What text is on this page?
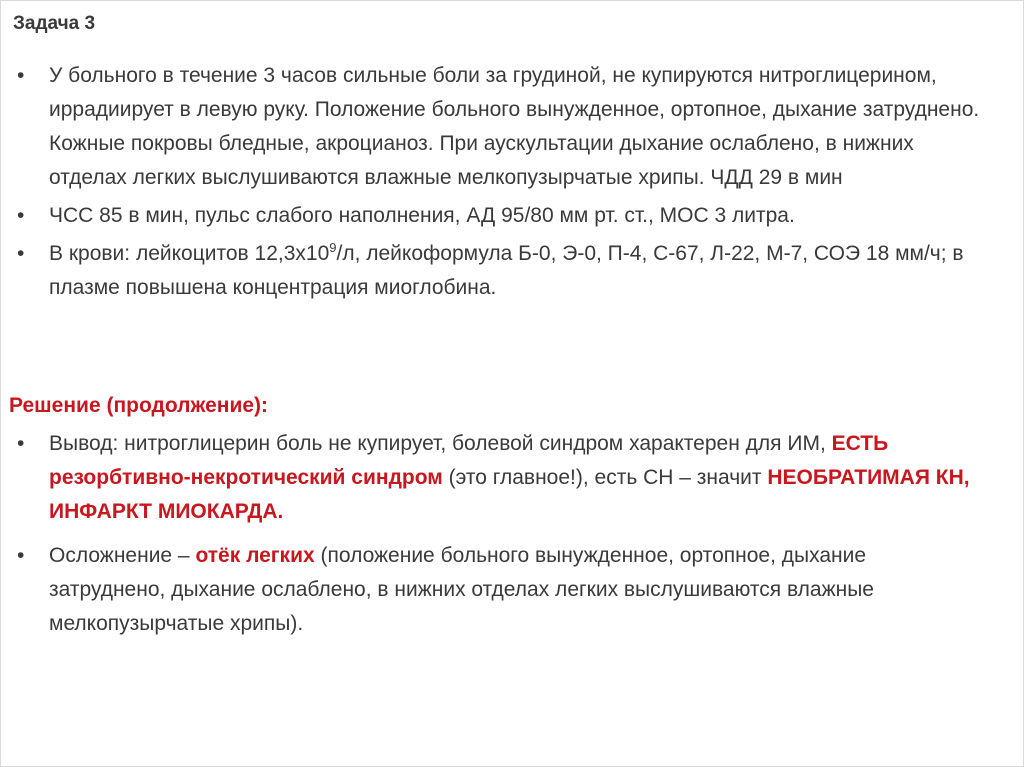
Задача 3
• У больного в течение 3 часов сильные боли за грудиной, не купируются нитроглицерином, иррадиирует в левую руку. Положение больного вынужденное, ортопное, дыхание затруднено. Кожные покровы бледные, акроцианоз. При аускультации дыхание ослаблено, в нижних отделах легких выслушиваются влажные мелкопузырчатые хрипы. ЧДД 29 в мин
• ЧСС 85 в мин, пульс слабого наполнения, АД 95/80 мм рт. ст., МОС 3 литра.
• В крови: лейкоцитов $12,3х10^9/л$, лейкоформула Б-0, Э-0, П-4, С-67, Л-22, М-7, СОЭ 18 мм/ч; в плазме повышена концентрация миоглобина.
Решение (продолжение):
• Вывод: нитроглицерин боль не купирует, болевой синдром характерен для ИМ, ЕСТЬ резорбтивно-некротический синдром (это главное!), есть СН – значит НЕОБРАТИМАЯ КН, ИНФАРКТ МИОКАРДА.
• Осложнение – отёк легких (положение больного вынужденное, ортопное, дыхание затруднено, дыхание ослаблено, в нижних отделах легких выслушиваются влажные мелкопузырчатые хрипы).
